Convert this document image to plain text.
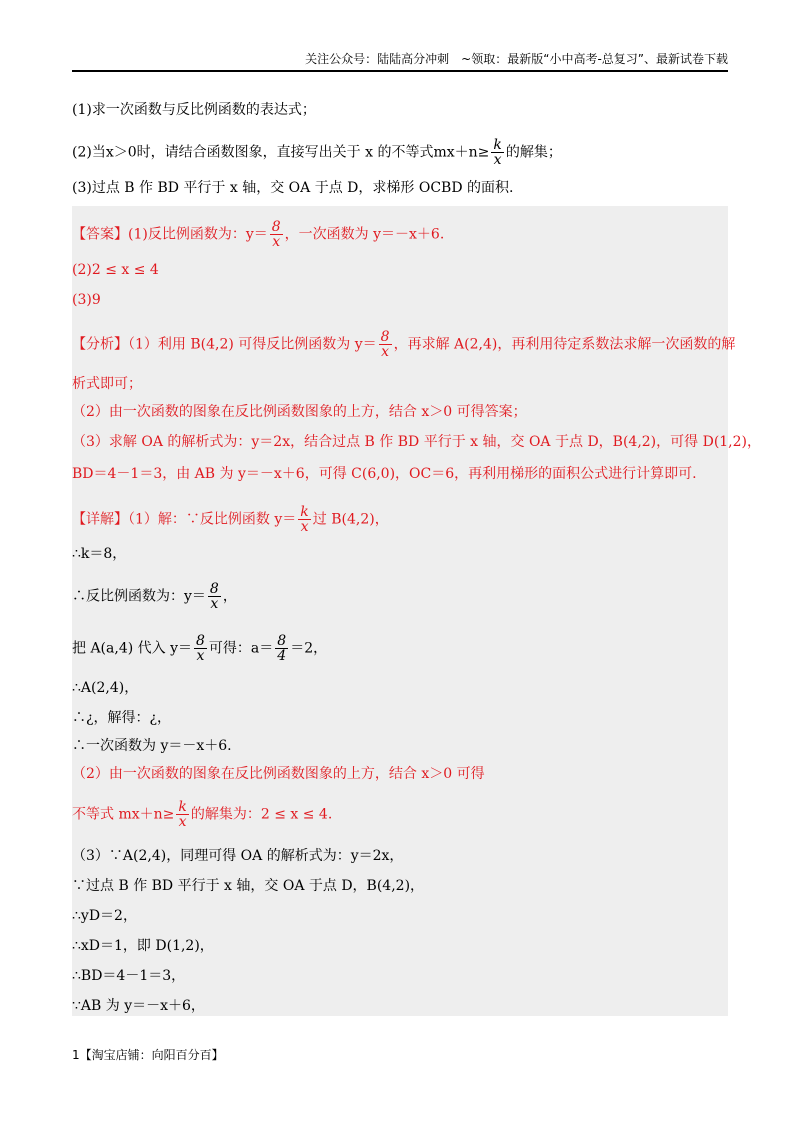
关注公众号：陆陆高分冲刺　~领取：最新版“小中高考-总复习”、最新试卷下载
(1)求一次函数与反比例函数的表达式；
(2)当x＞0时，请结合函数图象，直接写出关于 x 的不等式$mx+n\ge \frac{k}{x}$ 的解集；
(3)过点 B 作 BD 平行于 x 轴，交 OA 于点 D，求梯形 OCBD 的面积.
【答案】(1)反比例函数为：$y= \frac{8}{x}$ ，一次函数为 y＝－x＋6.
(2)2 ≤ x ≤ 4
(3)9
【分析】（1）利用 B(4,2) 可得反比例函数为 $y= \frac{8}{x}$ ，再求解 A(2,4)，再利用待定系数法求解一次函数的解
析式即可；
（2）由一次函数的图象在反比例函数图象的上方，结合 x＞0 可得答案；
（3）求解 OA 的解析式为：y＝2x，结合过点 B 作 BD 平行于 x 轴，交 OA 于点 D，B(4,2)，可得 D(1,2)，
BD＝4－1＝3，由 AB 为 y＝－x＋6，可得 C(6,0)，OC＝6，再利用梯形的面积公式进行计算即可.
【详解】（1）解：∵反比例函数 $y= \frac{k}{x}$ 过 B(4,2)，
∴k＝8，
∴反比例函数为：$y= \frac{8}{x}$ ，
把 A(a,4) 代入 $y= \frac{8}{x}$ 可得：$a= \frac{8}{4} =2$，
∴A(2,4)，
∴¿，解得：¿，
∴一次函数为 y＝－x＋6.
（2）由一次函数的图象在反比例函数图象的上方，结合 x＞0 可得
不等式 $mx+n\ge \frac{k}{x}$ 的解集为：2 ≤ x ≤ 4.
（3）∵A(2,4)，同理可得 OA 的解析式为：y＝2x，
∵过点 B 作 BD 平行于 x 轴，交 OA 于点 D，B(4,2)，
∴yD＝2，
∴xD＝1，即 D(1,2)，
∴BD＝4－1＝3，
∵AB 为 y＝－x＋6，
1【淘宝店铺：向阳百分百】
